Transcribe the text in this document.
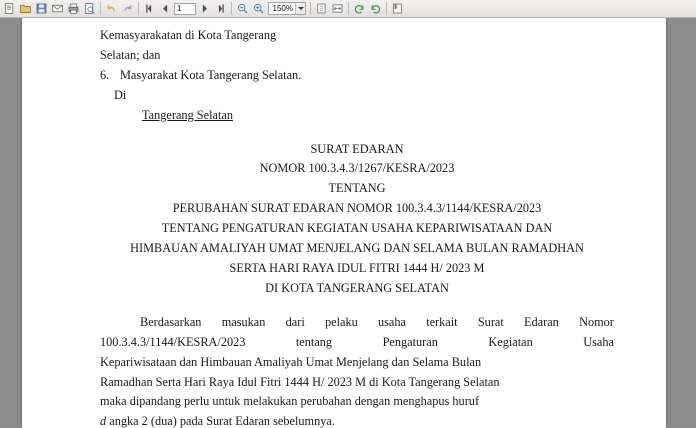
1
150%
Kemasyarakatan di Kota Tangerang
Selatan; dan
6. Masyarakat Kota Tangerang Selatan.
Di
Tangerang Selatan
SURAT EDARAN
NOMOR 100.3.4.3/1267/KESRA/2023
TENTANG
PERUBAHAN SURAT EDARAN NOMOR 100.3.4.3/1144/KESRA/2023
TENTANG PENGATURAN KEGIATAN USAHA KEPARIWISATAAN DAN
HIMBAUAN AMALIYAH UMAT MENJELANG DAN SELAMA BULAN RAMADHAN
SERTA HARI RAYA IDUL FITRI 1444 H/ 2023 M
DI KOTA TANGERANG SELATAN
Berdasarkan masukan dari pelaku usaha terkait Surat Edaran Nomor
100.3.4.3/1144/KESRA/2023	tentang	Pengaturan	Kegiatan	Usaha
Kepariwisataan dan Himbauan Amaliyah Umat Menjelang dan Selama Bulan
Ramadhan Serta Hari Raya Idul Fitri 1444 H/ 2023 M di Kota Tangerang Selatan
maka dipandang perlu untuk melakukan perubahan dengan menghapus huruf
d angka 2 (dua) pada Surat Edaran sebelumnya.
